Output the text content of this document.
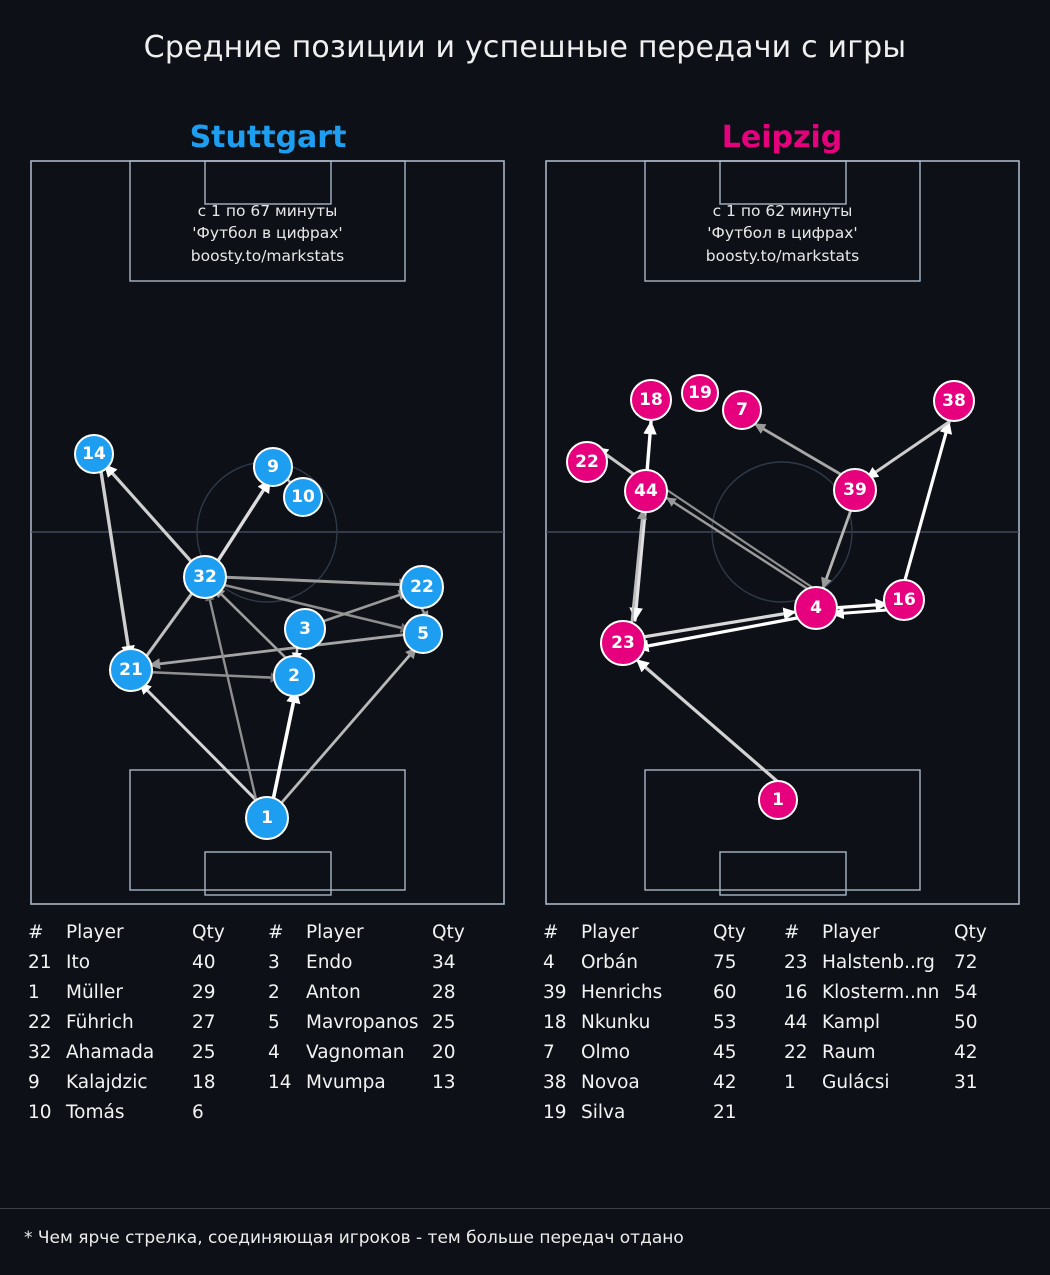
Средние позиции и успешные передачи с игры
Stuttgart	Leipzig
с 1 по 67 минуты
'Футбол в цифрах'
boosty.to/markstats
14
9
10
32	22
3	5
21	2
1
с 1 по 62 минуты
'Футбол в цифрах'
boosty.to/markstats
18	19
7	38
22
44	39
4	16
23
1
#	Player	Qty
21	Ito	40
1	Müller	29
22	Führich	27
32	Ahamada	25
9	Kalajdzic	18
10	Tomás	6
#	Player	Qty
3	Endo	34
2	Anton	28
5	Mavropanos	25
4	Vagnoman	20
14	Mvumpa	13
#	Player	Qty
4	Orbán	75
39	Henrichs	60
18	Nkunku	53
7	Olmo	45
38	Novoa	42
19	Silva	21
#	Player	Qty
23	Halstenb..rg	72
16	Klosterm..nn	54
44	Kampl	50
22	Raum	42
1	Gulácsi	31
* Чем ярче стрелка, соединяющая игроков - тем больше передач отдано
